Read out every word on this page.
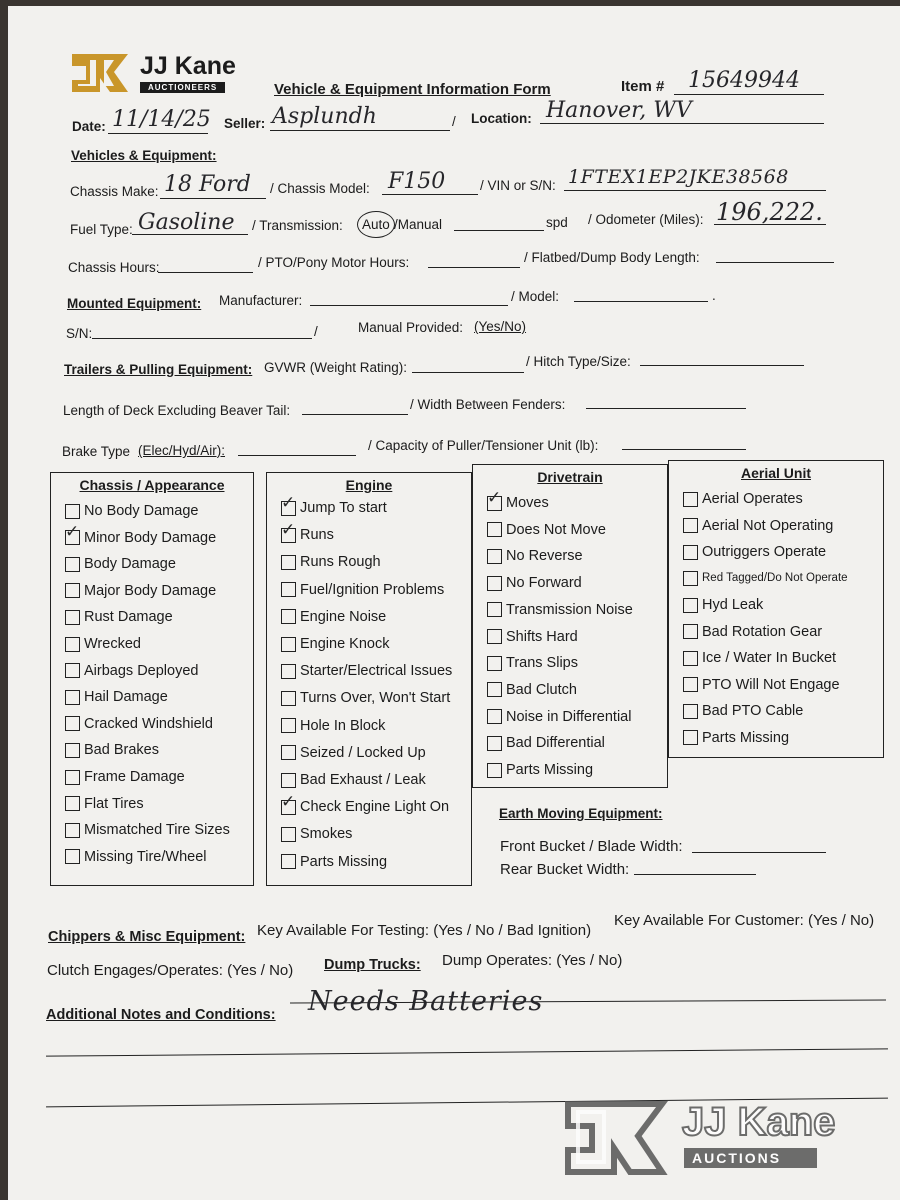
JJ Kane
AUCTIONEERS	Vehicle & Equipment Information Form	Item # 15649944
Date: 11/14/25 Seller: Asplundh	/ Location: Hanover, WV
Vehicles & Equipment:
Chassis Make: 18 Ford / Chassis Model: F150	/ VIN or S/N: 1FTEX1EP2JKE38568
Fuel Type: Gasoline / Transmission:	Auto /Manual	spd / Odometer (Miles): 196,222.
Chassis Hours:	/ PTO/Pony Motor Hours:	/ Flatbed/Dump Body Length:
Mounted Equipment: Manufacturer:	/ Model:	.
S/N:	/	Manual Provided: (Yes/No)
Trailers & Pulling Equipment: GVWR (Weight Rating):	/ Hitch Type/Size:
Length of Deck Excluding Beaver Tail:	/ Width Between Fenders:
Brake Type (Elec/Hyd/Air):	/ Capacity of Puller/Tensioner Unit (lb):
Chassis / Appearance
No Body Damage
✓ Minor Body Damage
Body Damage
Major Body Damage
Rust Damage
Wrecked
Airbags Deployed
Hail Damage
Cracked Windshield
Bad Brakes
Frame Damage
Flat Tires
Mismatched Tire Sizes
Missing Tire/Wheel
Engine
✓ Jump To start
✓ Runs
Runs Rough
Fuel/Ignition Problems
Engine Noise
Engine Knock
Starter/Electrical Issues
Turns Over, Won't Start
Hole In Block
Seized / Locked Up
Bad Exhaust / Leak
✓ Check Engine Light On
Smokes
Parts Missing
Drivetrain
✓ Moves
Does Not Move
No Reverse
No Forward
Transmission Noise
Shifts Hard
Trans Slips
Bad Clutch
Noise in Differential
Bad Differential
Parts Missing
Aerial Unit
Aerial Operates
Aerial Not Operating
Outriggers Operate
Red Tagged/Do Not Operate
Hyd Leak
Bad Rotation Gear
Ice / Water In Bucket
PTO Will Not Engage
Bad PTO Cable
Parts Missing
Earth Moving Equipment:
Front Bucket / Blade Width:
Rear Bucket Width:
Chippers & Misc Equipment: Key Available For Testing: (Yes / No / Bad Ignition)
Key Available For Customer: (Yes / No)
Clutch Engages/Operates: (Yes / No) Dump Trucks: Dump Operates: (Yes / No)
Additional Notes and Conditions: Needs Batteries
JJ Kane
AUCTIONS
